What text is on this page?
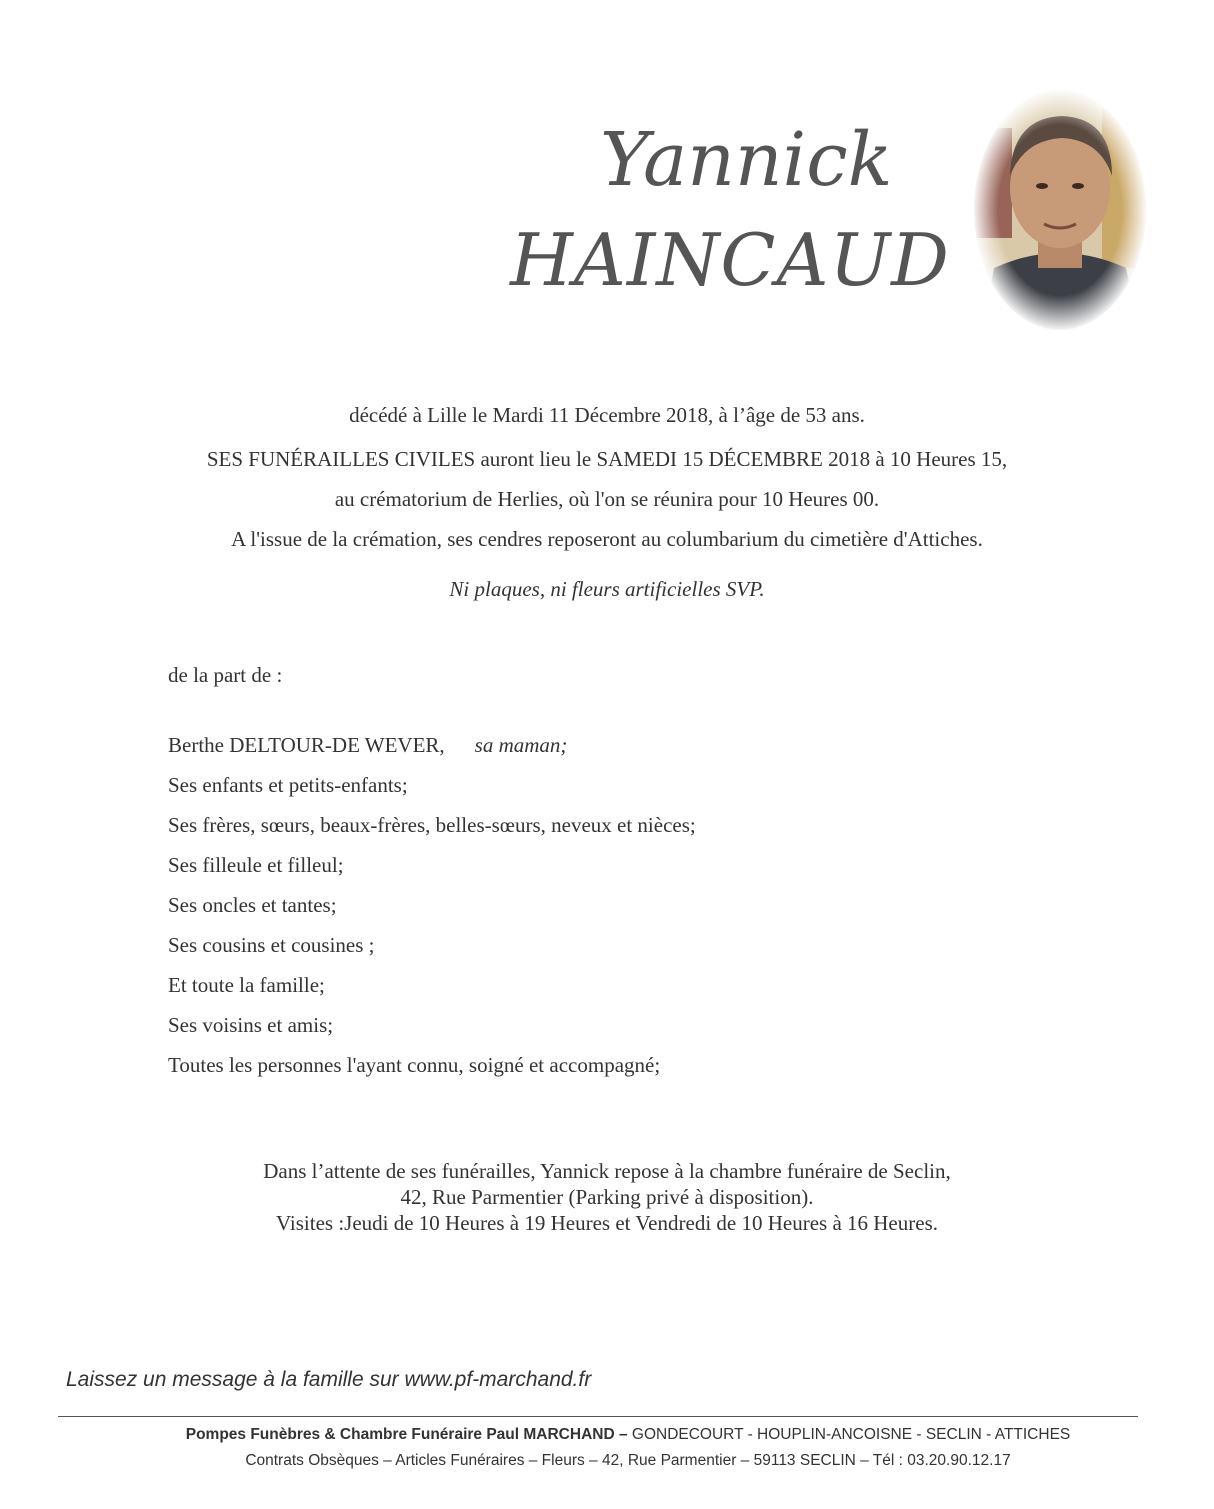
Yannick
HAINCAUD
décédé à Lille le Mardi 11 Décembre 2018, à l’âge de 53 ans.
SES FUNÉRAILLES CIVILES auront lieu le SAMEDI 15 DÉCEMBRE 2018 à 10 Heures 15,
au crématorium de Herlies, où l'on se réunira pour 10 Heures 00.
A l'issue de la crémation, ses cendres reposeront au columbarium du cimetière d'Attiches.
Ni plaques, ni fleurs artificielles SVP.
de la part de :
Berthe DELTOUR-DE WEVER, sa maman;
Ses enfants et petits-enfants;
Ses frères, sœurs, beaux-frères, belles-sœurs, neveux et nièces;
Ses filleule et filleul;
Ses oncles et tantes;
Ses cousins et cousines ;
Et toute la famille;
Ses voisins et amis;
Toutes les personnes l'ayant connu, soigné et accompagné;
Dans l’attente de ses funérailles, Yannick repose à la chambre funéraire de Seclin,
42, Rue Parmentier (Parking privé à disposition).
Visites :Jeudi de 10 Heures à 19 Heures et Vendredi de 10 Heures à 16 Heures.
Laissez un message à la famille sur www.pf-marchand.fr
Pompes Funèbres & Chambre Funéraire Paul MARCHAND – GONDECOURT - HOUPLIN-ANCOISNE - SECLIN - ATTICHES
Contrats Obsèques – Articles Funéraires – Fleurs – 42, Rue Parmentier – 59113 SECLIN – Tél : 03.20.90.12.17
